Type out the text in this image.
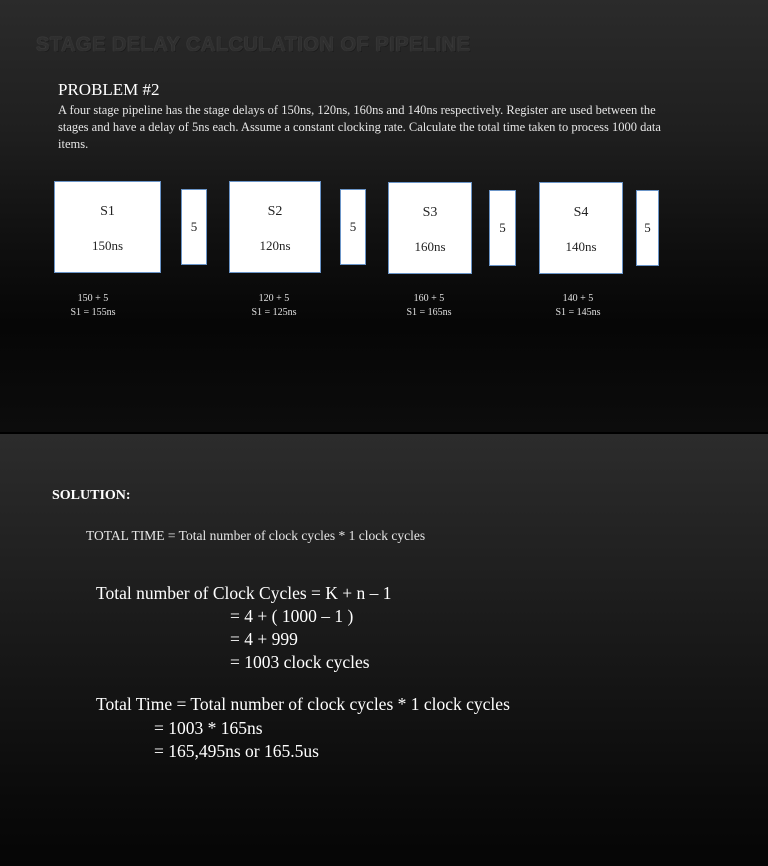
STAGE DELAY CALCULATION OF PIPELINE
PROBLEM #2
A four stage pipeline has the stage delays of 150ns, 120ns, 160ns and 140ns respectively. Register are used between the stages and have a delay of 5ns each. Assume a constant clocking rate. Calculate the total time taken to process 1000 data items.
S1
150ns
5
S2
120ns
5
S3
160ns
5
S4
140ns
5
150 + 5
S1 = 155ns
120 + 5
S1 = 125ns
160 + 5
S1 = 165ns
140 + 5
S1 = 145ns
SOLUTION:
TOTAL TIME = Total number of clock cycles * 1 clock cycles
Total number of Clock Cycles = K + n – 1
= 4 + ( 1000 – 1 )
= 4 + 999
= 1003 clock cycles
Total Time = Total number of clock cycles * 1 clock cycles
= 1003 * 165ns
= 165,495ns or 165.5us
